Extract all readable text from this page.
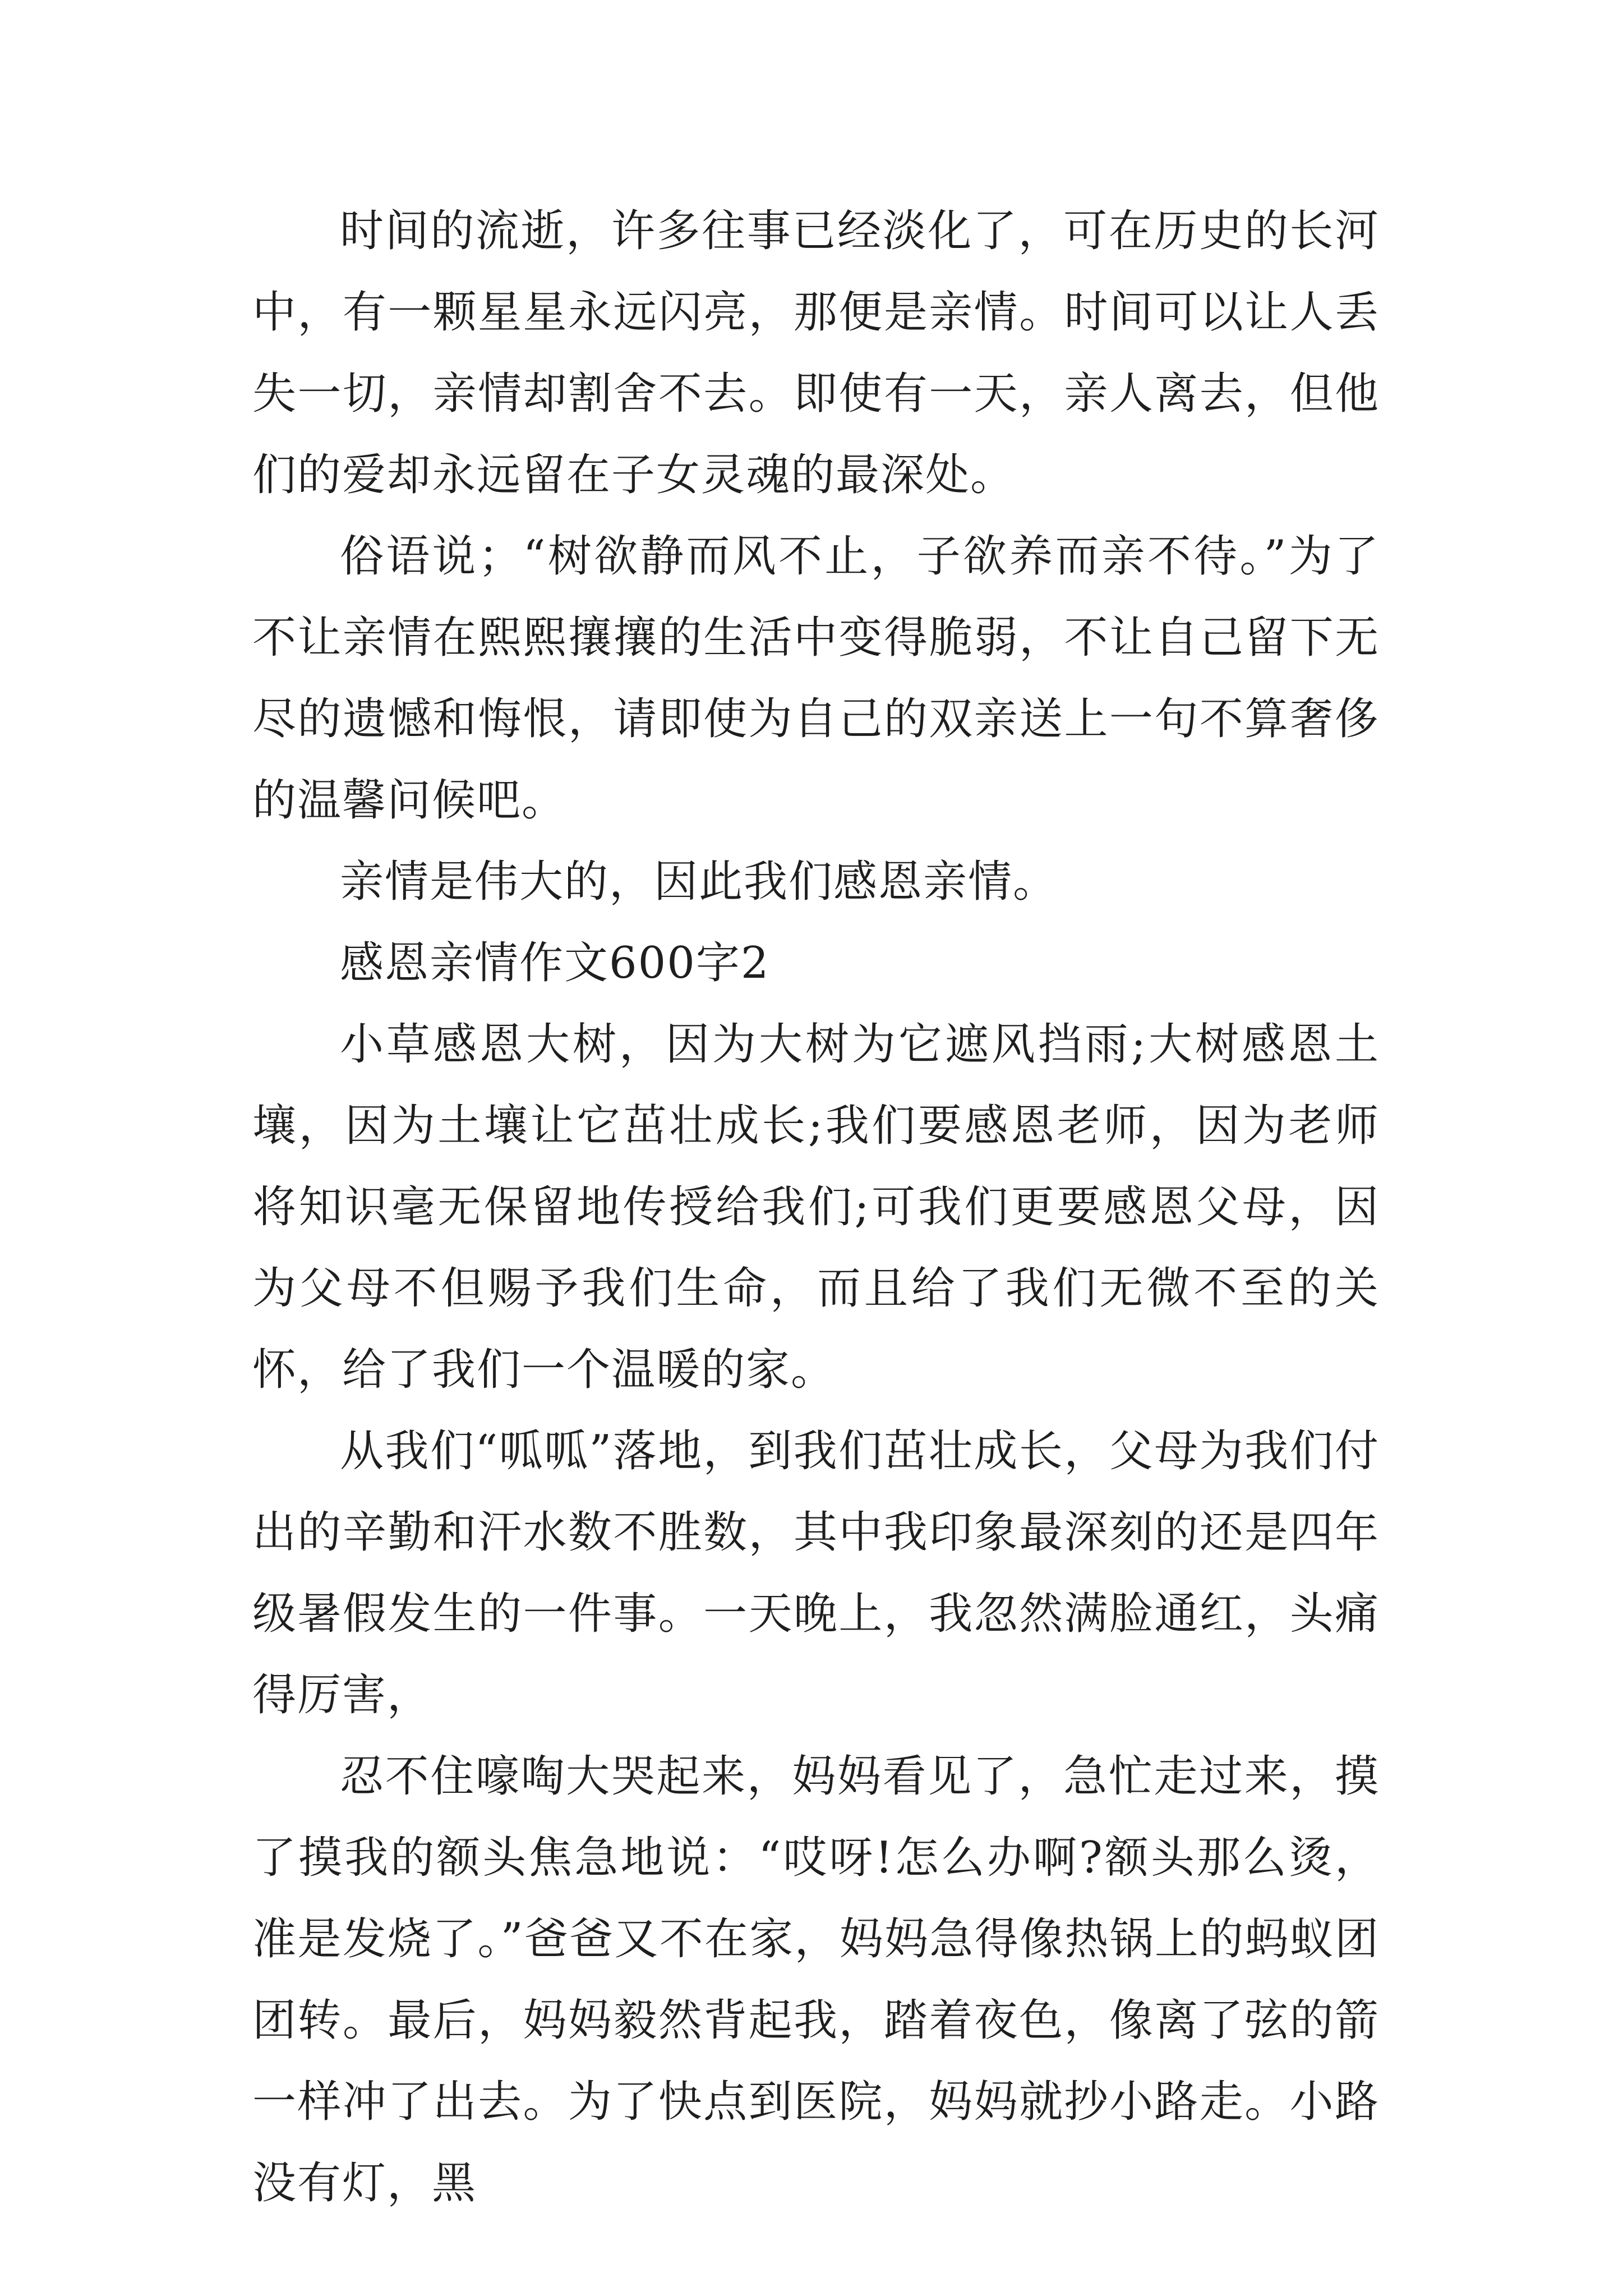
时间的流逝，许多往事已经淡化了，可在历史的长河中，有一颗星星永远闪亮，那便是亲情。时间可以让人丢失一切，亲情却割舍不去。即使有一天，亲人离去，但他们的爱却永远留在子女灵魂的最深处。

俗语说；“树欲静而风不止，子欲养而亲不待。”为了不让亲情在熙熙攘攘的生活中变得脆弱，不让自己留下无尽的遗憾和悔恨，请即使为自己的双亲送上一句不算奢侈的温馨问候吧。

亲情是伟大的，因此我们感恩亲情。

感恩亲情作文600字2

小草感恩大树，因为大树为它遮风挡雨;大树感恩土壤，因为土壤让它茁壮成长;我们要感恩老师，因为老师将知识毫无保留地传授给我们;可我们更要感恩父母，因为父母不但赐予我们生命，而且给了我们无微不至的关怀，给了我们一个温暖的家。

从我们“呱呱”落地，到我们茁壮成长，父母为我们付出的辛勤和汗水数不胜数，其中我印象最深刻的还是四年级暑假发生的一件事。一天晚上，我忽然满脸通红，头痛得厉害，

忍不住嚎啕大哭起来，妈妈看见了，急忙走过来，摸了摸我的额头焦急地说：“哎呀!怎么办啊?额头那么烫，准是发烧了。”爸爸又不在家，妈妈急得像热锅上的蚂蚁团团转。最后，妈妈毅然背起我，踏着夜色，像离了弦的箭一样冲了出去。为了快点到医院，妈妈就抄小路走。小路没有灯，黑
